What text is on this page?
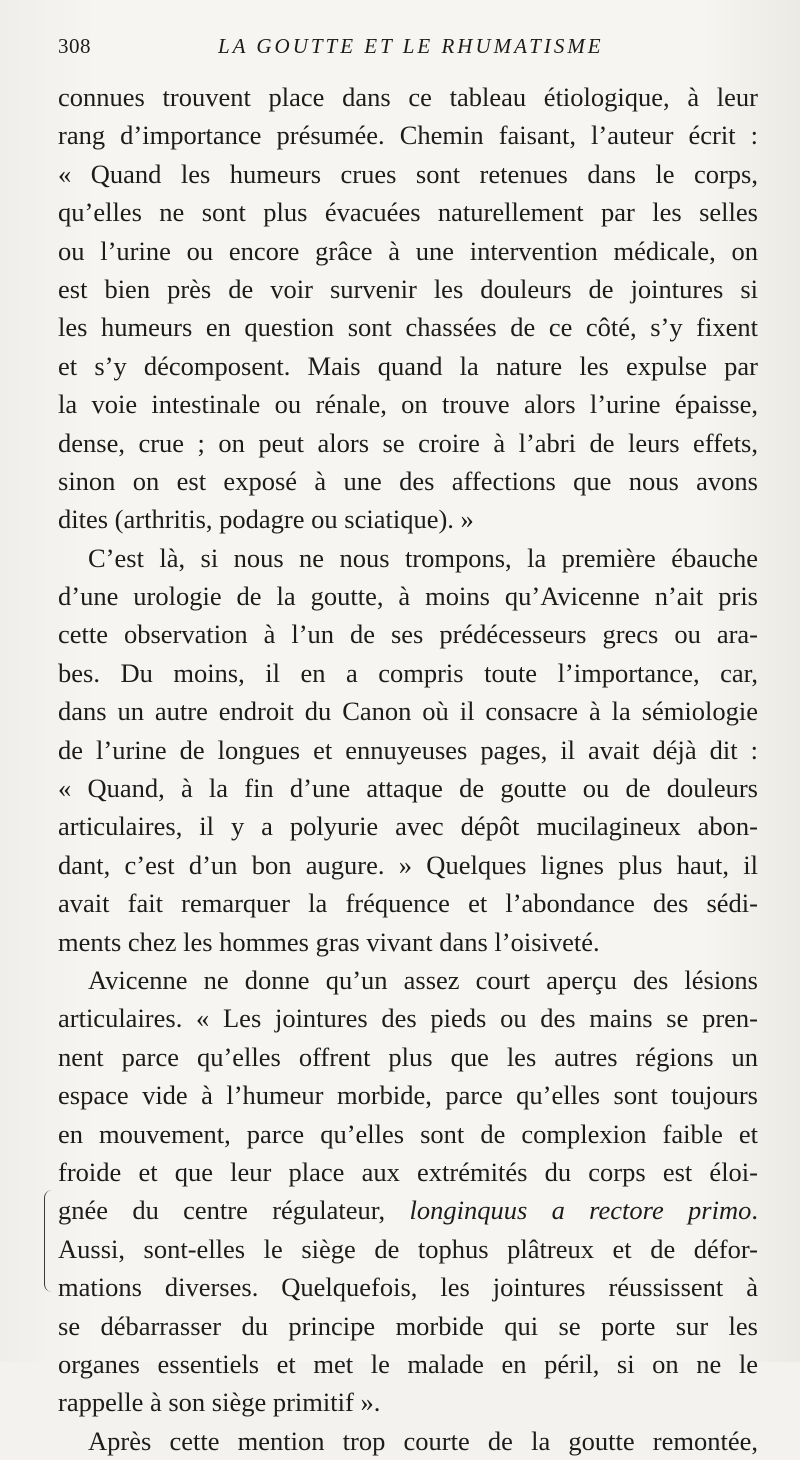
308	LA GOUTTE ET LE RHUMATISME
connues trouvent place dans ce tableau étiologique, à leur
rang d’importance présumée. Chemin faisant, l’auteur écrit :
« Quand les humeurs crues sont retenues dans le corps,
qu’elles ne sont plus évacuées naturellement par les selles
ou l’urine ou encore grâce à une intervention médicale, on
est bien près de voir survenir les douleurs de jointures si
les humeurs en question sont chassées de ce côté, s’y fixent
et s’y décomposent. Mais quand la nature les expulse par
la voie intestinale ou rénale, on trouve alors l’urine épaisse,
dense, crue ; on peut alors se croire à l’abri de leurs effets,
sinon on est exposé à une des affections que nous avons
dites (arthritis, podagre ou sciatique). »
C’est là, si nous ne nous trompons, la première ébauche
d’une urologie de la goutte, à moins qu’Avicenne n’ait pris
cette observation à l’un de ses prédécesseurs grecs ou ara-
bes. Du moins, il en a compris toute l’importance, car,
dans un autre endroit du Canon où il consacre à la sémiologie
de l’urine de longues et ennuyeuses pages, il avait déjà dit :
« Quand, à la fin d’une attaque de goutte ou de douleurs
articulaires, il y a polyurie avec dépôt mucilagineux abon-
dant, c’est d’un bon augure. » Quelques lignes plus haut, il
avait fait remarquer la fréquence et l’abondance des sédi-
ments chez les hommes gras vivant dans l’oisiveté.
Avicenne ne donne qu’un assez court aperçu des lésions
articulaires. « Les jointures des pieds ou des mains se pren-
nent parce qu’elles offrent plus que les autres régions un
espace vide à l’humeur morbide, parce qu’elles sont toujours
en mouvement, parce qu’elles sont de complexion faible et
froide et que leur place aux extrémités du corps est éloi-
gnée du centre régulateur, longinquus a rectore primo.
Aussi, sont-elles le siège de tophus plâtreux et de défor-
mations diverses. Quelquefois, les jointures réussissent à
se débarrasser du principe morbide qui se porte sur les
organes essentiels et met le malade en péril, si on ne le
rappelle à son siège primitif ».
Après cette mention trop courte de la goutte remontée,
